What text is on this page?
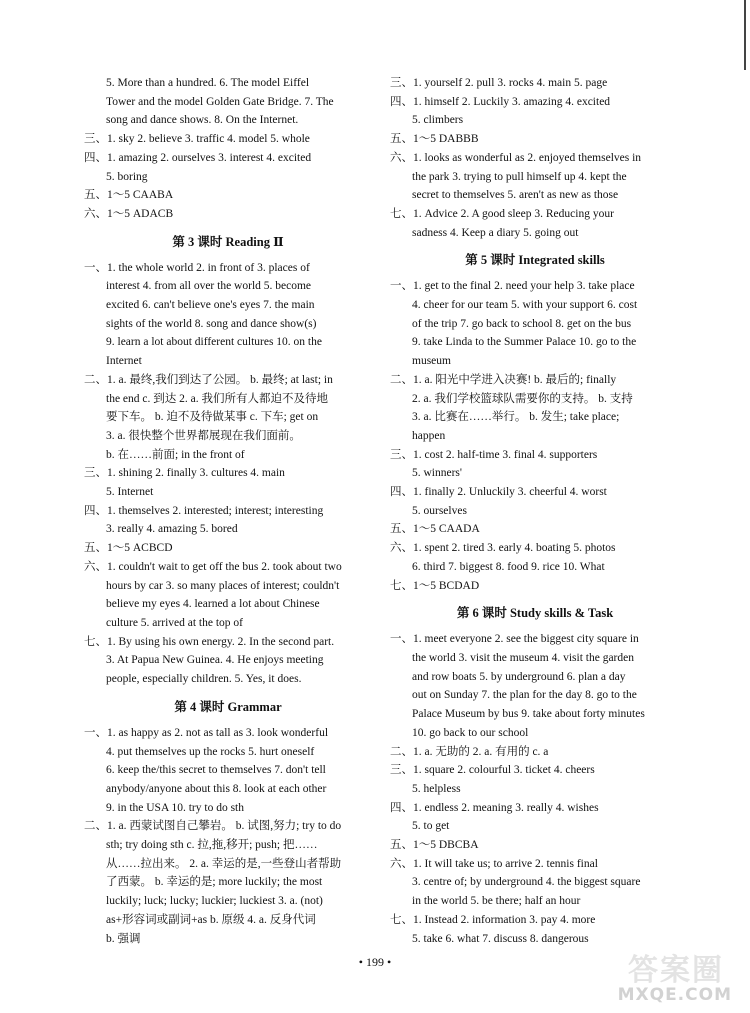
5. More than a hundred. 6. The model Eiffel
Tower and the model Golden Gate Bridge. 7. The
song and dance shows. 8. On the Internet.
三、1. sky 2. believe 3. traffic 4. model 5. whole
四、1. amazing 2. ourselves 3. interest 4. excited
5. boring
五、1～5 CAABA
六、1～5 ADACB
第 3 课时 Reading Ⅱ
一、1. the whole world 2. in front of 3. places of
interest 4. from all over the world 5. become
excited 6. can't believe one's eyes 7. the main
sights of the world 8. song and dance show(s)
9. learn a lot about different cultures 10. on the
Internet
二、1. a. 最终,我们到达了公园。 b. 最终; at last; in
the end c. 到达 2. a. 我们所有人都迫不及待地
要下车。 b. 迫不及待做某事 c. 下车; get on
3. a. 很快整个世界都展现在我们面前。
b. 在……前面; in the front of
三、1. shining 2. finally 3. cultures 4. main
5. Internet
四、1. themselves 2. interested; interest; interesting
3. really 4. amazing 5. bored
五、1～5 ACBCD
六、1. couldn't wait to get off the bus 2. took about two
hours by car 3. so many places of interest; couldn't
believe my eyes 4. learned a lot about Chinese
culture 5. arrived at the top of
七、1. By using his own energy. 2. In the second part.
3. At Papua New Guinea. 4. He enjoys meeting
people, especially children. 5. Yes, it does.
第 4 课时 Grammar
一、1. as happy as 2. not as tall as 3. look wonderful
4. put themselves up the rocks 5. hurt oneself
6. keep the/this secret to themselves 7. don't tell
anybody/anyone about this 8. look at each other
9. in the USA 10. try to do sth
二、1. a. 西蒙试图自己攀岩。 b. 试图,努力; try to do
sth; try doing sth c. 拉,拖,移开; push; 把……
从……拉出来。 2. a. 幸运的是,一些登山者帮助
了西蒙。 b. 幸运的是; more luckily; the most
luckily; luck; lucky; luckier; luckiest 3. a. (not)
as+形容词或副词+as b. 原级 4. a. 反身代词
b. 强调
三、1. yourself 2. pull 3. rocks 4. main 5. page
四、1. himself 2. Luckily 3. amazing 4. excited
5. climbers
五、1～5 DABBB
六、1. looks as wonderful as 2. enjoyed themselves in
the park 3. trying to pull himself up 4. kept the
secret to themselves 5. aren't as new as those
七、1. Advice 2. A good sleep 3. Reducing your
sadness 4. Keep a diary 5. going out
第 5 课时 Integrated skills
一、1. get to the final 2. need your help 3. take place
4. cheer for our team 5. with your support 6. cost
of the trip 7. go back to school 8. get on the bus
9. take Linda to the Summer Palace 10. go to the
museum
二、1. a. 阳光中学进入决赛! b. 最后的; finally
2. a. 我们学校篮球队需要你的支持。 b. 支持
3. a. 比赛在……举行。 b. 发生; take place;
happen
三、1. cost 2. half-time 3. final 4. supporters
5. winners'
四、1. finally 2. Unluckily 3. cheerful 4. worst
5. ourselves
五、1～5 CAADA
六、1. spent 2. tired 3. early 4. boating 5. photos
6. third 7. biggest 8. food 9. rice 10. What
七、1～5 BCDAD
第 6 课时 Study skills & Task
一、1. meet everyone 2. see the biggest city square in
the world 3. visit the museum 4. visit the garden
and row boats 5. by underground 6. plan a day
out on Sunday 7. the plan for the day 8. go to the
Palace Museum by bus 9. take about forty minutes
10. go back to our school
二、1. a. 无助的 2. a. 有用的 c. a
三、1. square 2. colourful 3. ticket 4. cheers
5. helpless
四、1. endless 2. meaning 3. really 4. wishes
5. to get
五、1～5 DBCBA
六、1. It will take us; to arrive 2. tennis final
3. centre of; by underground 4. the biggest square
in the world 5. be there; half an hour
七、1. Instead 2. information 3. pay 4. more
5. take 6. what 7. discuss 8. dangerous
• 199 •	答案圈
MXQE.COM
